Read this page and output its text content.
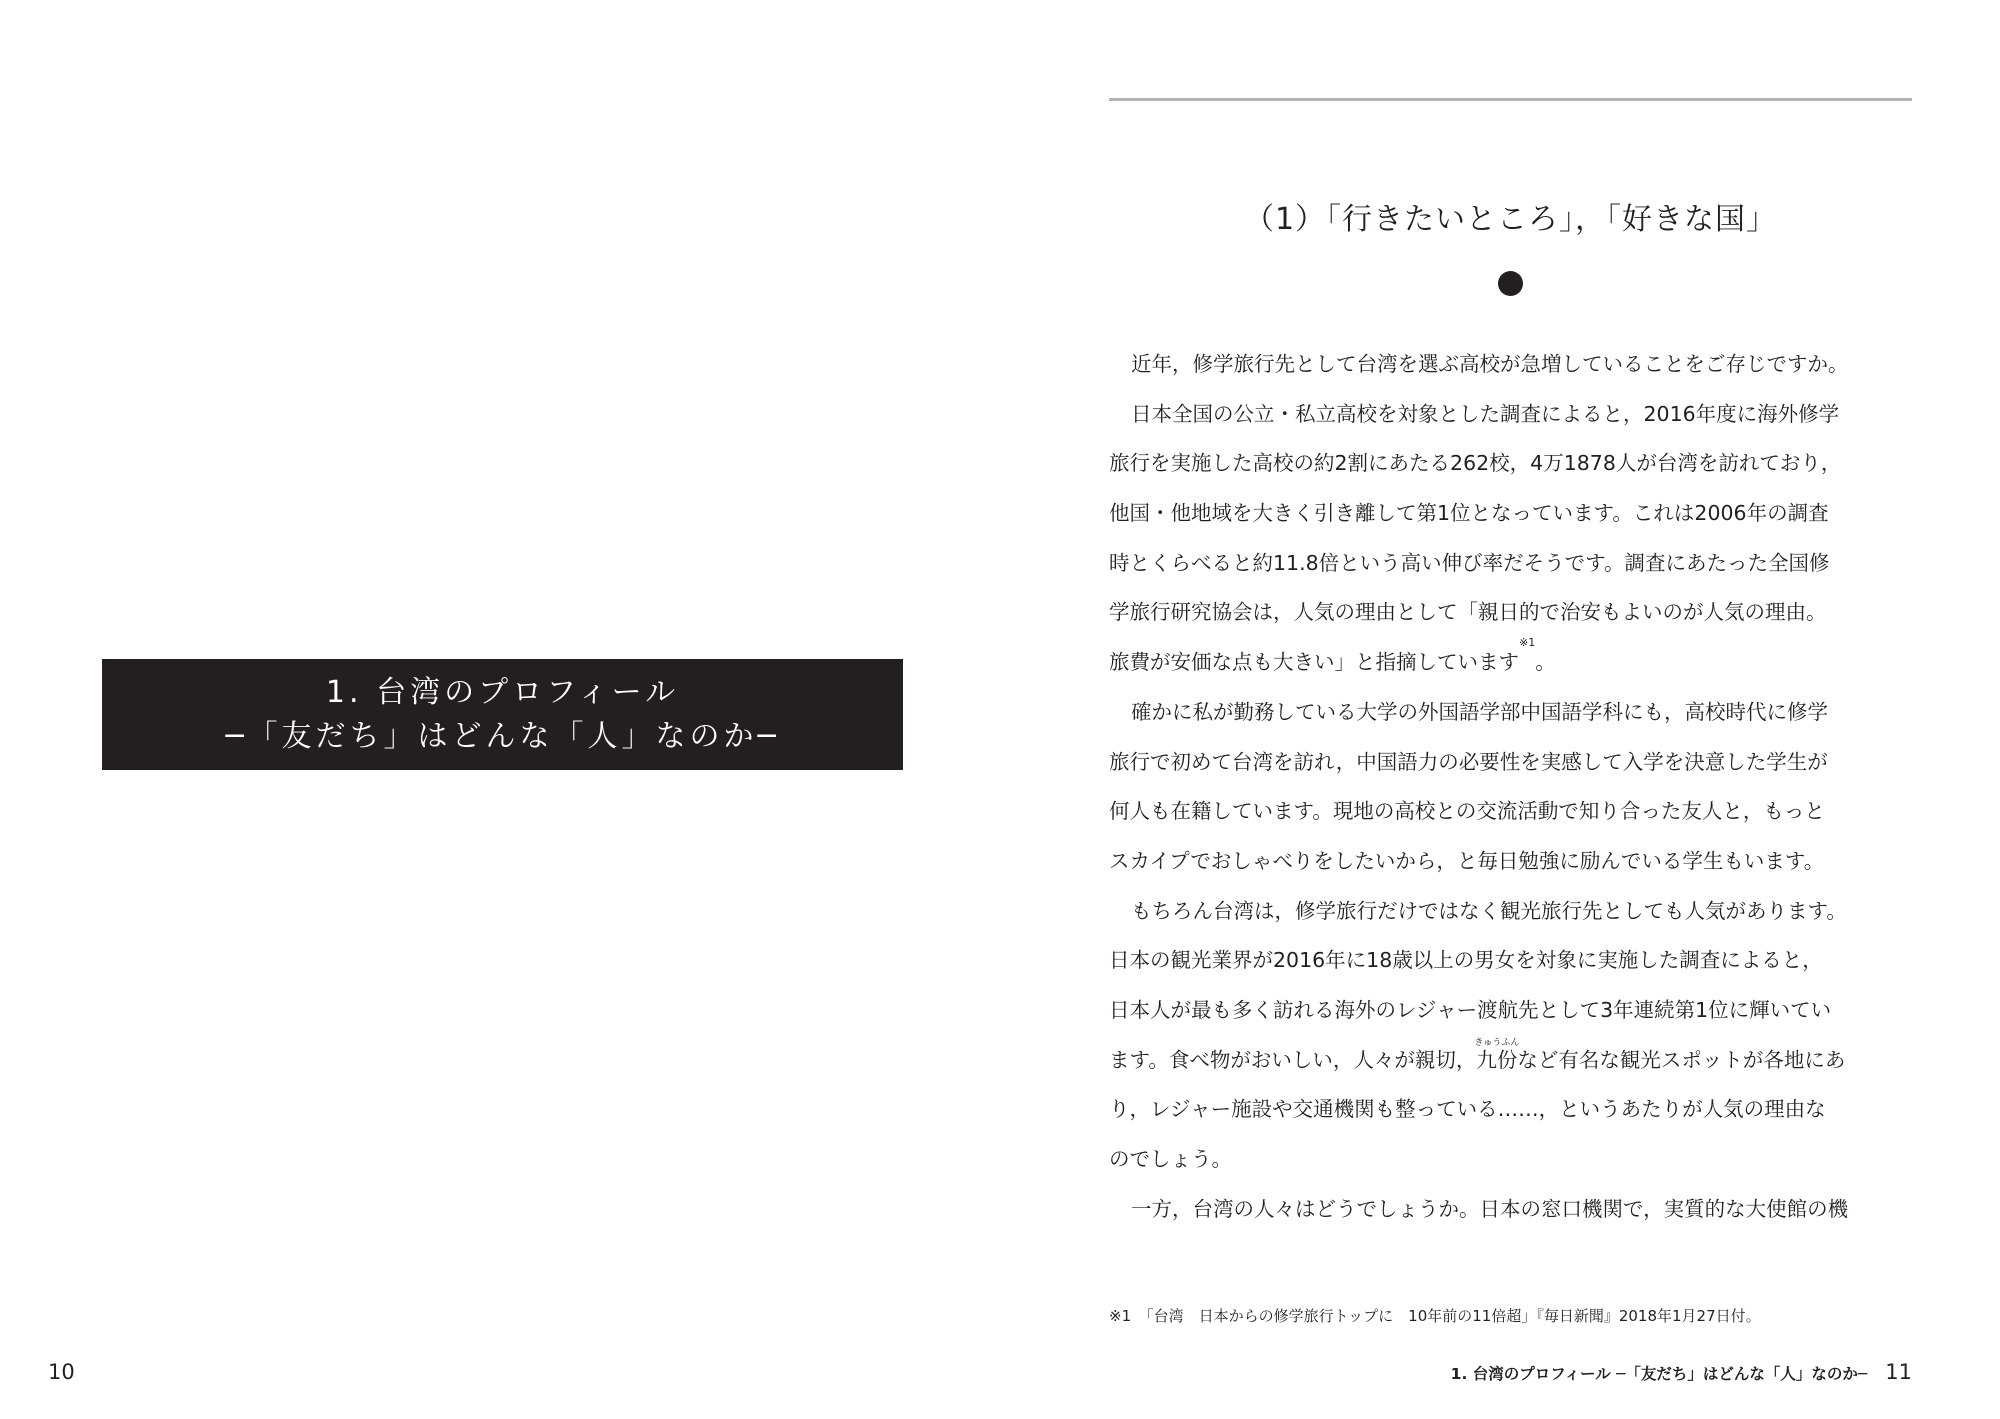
1. 台湾のプロフィール
─「友だち」はどんな「人」なのか─
10
（1）「行きたいところ」，「好きな国」
近年，修学旅行先として台湾を選ぶ高校が急増していることをご存じですか。
日本全国の公立・私立高校を対象とした調査によると，2016年度に海外修学
旅行を実施した高校の約2割にあたる262校，4万1878人が台湾を訪れており，
他国・他地域を大きく引き離して第1位となっています。これは2006年の調査
時とくらべると約11.8倍という高い伸び率だそうです。調査にあたった全国修
学旅行研究協会は，人気の理由として「親日的で治安もよいのが人気の理由。
旅費が安価な点も大きい」と指摘しています$^{※1}$。
確かに私が勤務している大学の外国語学部中国語学科にも，高校時代に修学
旅行で初めて台湾を訪れ，中国語力の必要性を実感して入学を決意した学生が
何人も在籍しています。現地の高校との交流活動で知り合った友人と，もっと
スカイプでおしゃべりをしたいから，と毎日勉強に励んでいる学生もいます。
もちろん台湾は，修学旅行だけではなく観光旅行先としても人気があります。
日本の観光業界が2016年に18歳以上の男女を対象に実施した調査によると，
日本人が最も多く訪れる海外のレジャー渡航先として3年連続第1位に輝いてい
ます。食べ物がおいしい，人々が親切，
きゅうふん
九份など有名な観光スポットが各地にあ
り，レジャー施設や交通機関も整っている……，というあたりが人気の理由な
のでしょう。
一方，台湾の人々はどうでしょうか。日本の窓口機関で，実質的な大使館の機
※1　「台湾　日本からの修学旅行トップに　10年前の11倍超」『毎日新聞』2018年1月27日付。
1. 台湾のプロフィール ─「友だち」はどんな「人」なのか─ 11
